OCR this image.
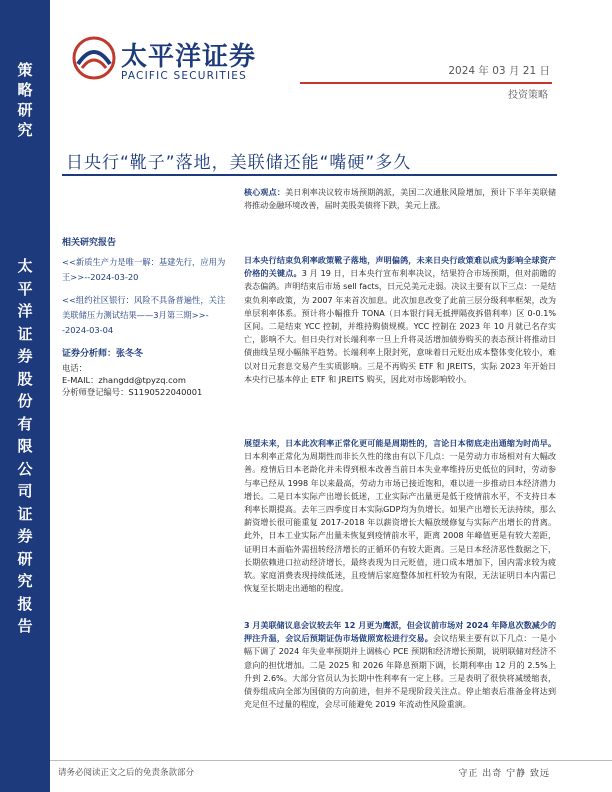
策略研究
太平洋证券股份有限公司证券研究报告
太平洋证券
PACIFIC SECURITIES	2024 年 03 月 21 日
投资策略
日央行“靴子”落地，美联储还能“嘴硬”多久
相关研究报告
<<新质生产力是唯一解：基建先行，应用为王>>--2024-03-20
<<组约社区银行：风险不具备普遍性，关注美联储压力测试结果——3月第三期>>--2024-03-04
证券分析师：张冬冬
电话：
E-MAIL：zhangdd@tpyzq.com
分析师登记编号：S1190522040001
核心观点：美日利率决议较市场预期鸽派，美国二次通胀风险增加，预计下半年美联储将推动金融环境改善，届时美股美债将下跌，美元上涨。
日本央行结束负利率政策靴子落地，声明偏鸽，未来日央行政策难以成为影响全球资产价格的关键点。3 月 19 日，日本央行宣布利率决议，结果符合市场预期，但对前瞻的表态偏鸽。声明结束后市场 sell facts，日元兑美元走弱。决议主要有以下三点：一是结束负利率政策，为 2007 年来首次加息。此次加息改变了此前三层分级利率框架，改为单层利率体系。预计将小幅推升 TONA（日本银行间无抵押隔夜拆借利率）区 0-0.1%区间。二是结束 YCC 控制，并维持购债规模。YCC 控制在 2023 年 10 月就已名存实亡，影响不大。但日央行对长端利率一旦上升将灵活增加债券购买的表态预计将推动日债曲线呈现小幅熊平趋势。长端利率上限封死，意味着日元贬出成本整体变化较小，难以对日元套息交易产生实质影响。三是不再购买 ETF 和 JREITS，实际 2023 年开始日本央行已基本停止 ETF 和 JREITS 购买，因此对市场影响较小。
展望未来，日本此次利率正常化更可能是周期性的，言论日本彻底走出通缩为时尚早。日本利率正常化为周期性而非长久性的缘由有以下几点：一是劳动力市场相对有大幅改善。疫情后日本老龄化并未得到根本改善当前日本失业率维持历史低位的同时，劳动参与率已经从 1998 年以来最高，劳动力市场已接近饱和，难以进一步推动日本经济潜力增长。二是日本实际产出增长低迷，工业实际产出量更是低于疫情前水平，不支持日本利率长期提高。去年三四季度日本实际GDP均为负增长。如果产出增长无法持续，那么薪资增长很可能重复 2017-2018 年以薪资增长大幅放缓修复与实际产出增长的背离。此外，日本工业实际产出量未恢复到疫情前水平，距离 2008 年峰值更是有较大差距，证明日本面临外需扭转经济增长的正循环仍有较大距离。三是日本经济恶性数据之下，长期依赖进口拉动经济增长，最终表现为日元贬值，进口成本增加下，国内需求较为疲软。家庭消费表现持续低迷，且疫情后家庭整体加杠杆较为有限，无法证明日本内需已恢复至长期走出通缩的程度。
3 月美联储议息会议较去年 12 月更为鹰派，但会议前市场对 2024 年降息次数减少的押注升温，会议后预期证伪市场做照宽松进行交易。会议结果主要有以下几点：一是小幅下调了 2024 年失业率预期并上调核心 PCE 预期和经济增长预期，说明联储对经济不意向的担忧增加。二是 2025 和 2026 年降息预期下调，长期利率由 12 月的 2.5%上升到 2.6%。大部分官员认为长期中性利率有一定上移。三是表明了很快将减缓缩表，债券组成向全部为国债的方向前进，但并不是现阶段关注点。停止缩表后准备金将达到充足但不过量的程度，会尽可能避免 2019 年流动性风险重演。
请务必阅读正文之后的免责条款部分	守正 出奇 宁静 致远
